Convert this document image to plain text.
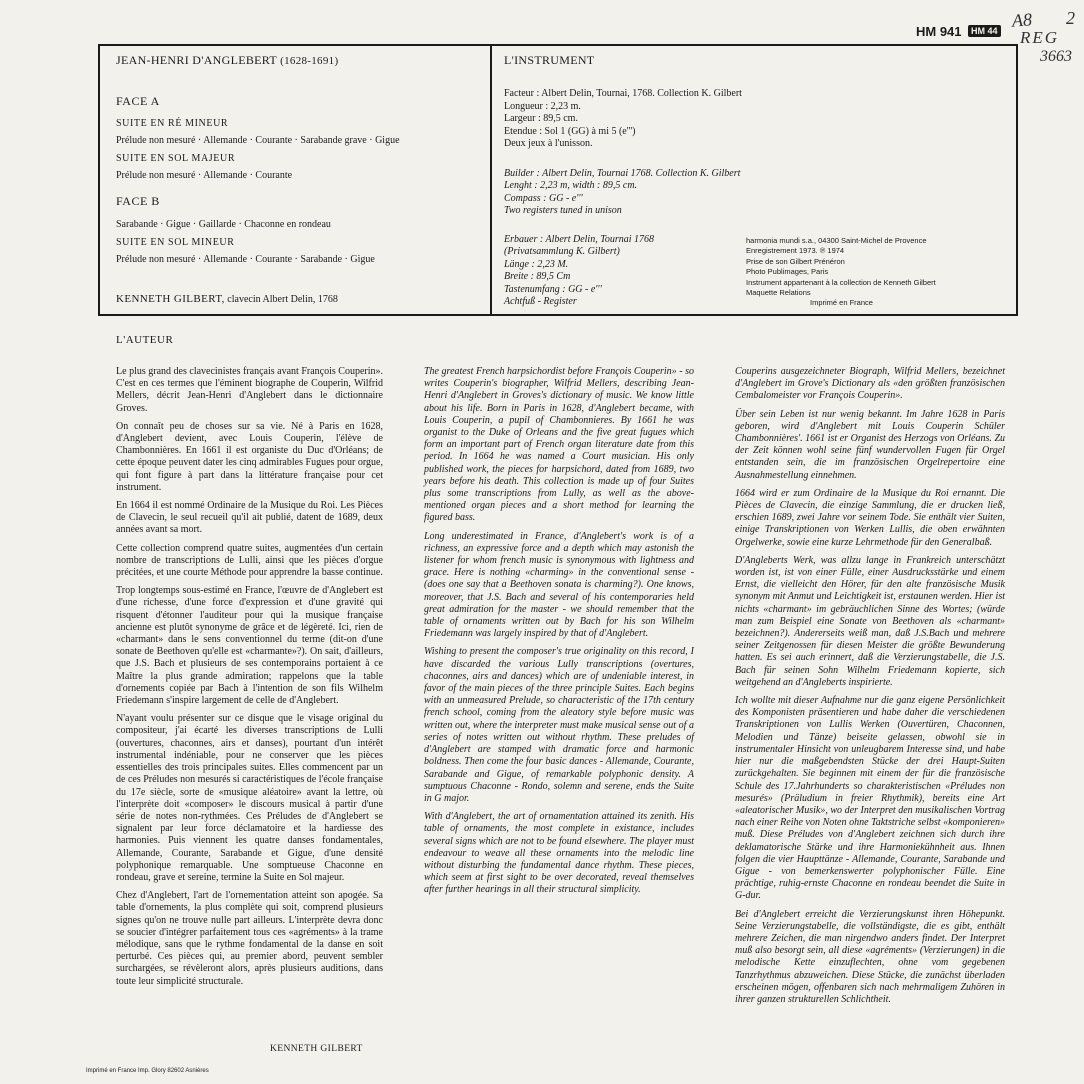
HM 941	HM 44
A8 2
REG
3663
JEAN-HENRI D'ANGLEBERT (1628-1691)
FACE A
SUITE EN RÉ MINEUR
Prélude non mesuré · Allemande · Courante · Sarabande grave · Gigue
SUITE EN SOL MAJEUR
Prélude non mesuré · Allemande · Courante
FACE B
Sarabande · Gigue · Gaillarde · Chaconne en rondeau
SUITE EN SOL MINEUR
Prélude non mesuré · Allemande · Courante · Sarabande · Gigue
KENNETH GILBERT, clavecin Albert Delin, 1768
L'INSTRUMENT
Facteur : Albert Delin, Tournai, 1768. Collection K. Gilbert
Longueur : 2,23 m.
Largeur : 89,5 cm.
Etendue : Sol 1 (GG) à mi 5 (e''')
Deux jeux à l'unisson.
Builder : Albert Delin, Tournai 1768. Collection K. Gilbert
Lenght : 2,23 m, width : 89,5 cm.
Compass : GG - e'''
Two registers tuned in unison
Erbauer : Albert Delin, Tournai 1768
(Privatsammlung K. Gilbert)
Länge : 2,23 M.
Breite : 89,5 Cm
Tastenumfang : GG - e'''
Achtfuß - Register
harmonia mundi s.a., 04300 Saint-Michel de Provence
Enregistrement 1973. ℗ 1974
Prise de son Gilbert Prénéron
Photo Publimages, Paris
Instrument appartenant à la collection de Kenneth Gilbert
Maquette Relations
Imprimé en France
L'AUTEUR

Le plus grand des clavecinistes français avant François Couperin». C'est en ces termes que l'éminent biographe de Couperin, Wilfrid Mellers, décrit Jean-Henri d'Anglebert dans le dictionnaire Groves.

On connaît peu de choses sur sa vie. Né à Paris en 1628, d'Anglebert devient, avec Louis Couperin, l'élève de Chambonnières. En 1661 il est organiste du Duc d'Orléans; de cette époque peuvent dater les cinq admirables Fugues pour orgue, qui font figure à part dans la littérature française pour cet instrument.

En 1664 il est nommé Ordinaire de la Musique du Roi. Les Pièces de Clavecin, le seul recueil qu'il ait publié, datent de 1689, deux années avant sa mort.

Cette collection comprend quatre suites, augmentées d'un certain nombre de transcriptions de Lulli, ainsi que les pièces d'orgue précitées, et une courte Méthode pour apprendre la basse continue.

Trop longtemps sous-estimé en France, l'œuvre de d'Anglebert est d'une richesse, d'une force d'expression et d'une gravité qui risquent d'étonner l'auditeur pour qui la musique française ancienne est plutôt synonyme de grâce et de légèreté. Ici, rien de «charmant» dans le sens conventionnel du terme (dit-on d'une sonate de Beethoven qu'elle est «charmante»?). On sait, d'ailleurs, que J.S. Bach et plusieurs de ses contemporains portaient à ce Maître la plus grande admiration; rappelons que la table d'ornements copiée par Bach à l'intention de son fils Wilhelm Friedemann s'inspire largement de celle de d'Anglebert.

N'ayant voulu présenter sur ce disque que le visage original du compositeur, j'ai écarté les diverses transcriptions de Lulli (ouvertures, chaconnes, airs et danses), pourtant d'un intérêt instrumental indéniable, pour ne conserver que les pièces essentielles des trois principales suites. Elles commencent par un de ces Préludes non mesurés si caractéristiques de l'école française du 17e siècle, sorte de «musique aléatoire» avant la lettre, où l'interprète doit «composer» le discours musical à partir d'une série de notes non-rythmées. Ces Préludes de d'Anglebert se signalent par leur force déclamatoire et la hardiesse des harmonies. Puis viennent les quatre danses fondamentales, Allemande, Courante, Sarabande et Gigue, d'une densité polyphonique remarquable. Une somptueuse Chaconne en rondeau, grave et sereine, termine la Suite en Sol majeur.

Chez d'Anglebert, l'art de l'ornementation atteint son apogée. Sa table d'ornements, la plus complète qui soit, comprend plusieurs signes qu'on ne trouve nulle part ailleurs. L'interprète devra donc se soucier d'intégrer parfaitement tous ces «agréments» à la trame mélodique, sans que le rythme fondamental de la danse en soit perturbé. Ces pièces qui, au premier abord, peuvent sembler surchargées, se révèleront alors, après plusieurs auditions, dans toute leur simplicité structurale.

The greatest French harpsichordist before François Couperin» - so writes Couperin's biographer, Wilfrid Mellers, describing Jean-Henri d'Anglebert in Groves's dictionary of music. We know little about his life. Born in Paris in 1628, d'Anglebert became, with Louis Couperin, a pupil of Chambonnieres. By 1661 he was organist to the Duke of Orleans and the five great fugues which form an important part of French organ literature date from this period. In 1664 he was named a Court musician. His only published work, the pieces for harpsichord, dated from 1689, two years before his death. This collection is made up of four Suites plus some transcriptions from Lully, as well as the above-mentioned organ pieces and a short method for learning the figured bass.

Long underestimated in France, d'Anglebert's work is of a richness, an expressive force and a depth which may astonish the listener for whom french music is synonymous with lightness and grace. Here is nothing «charming» in the conventional sense - (does one say that a Beethoven sonata is charming?). One knows, moreover, that J.S. Bach and several of his contemporaries held great admiration for the master - we should remember that the table of ornaments written out by Bach for his son Wilhelm Friedemann was largely inspired by that of d'Anglebert.

Wishing to present the composer's true originality on this record, I have discarded the various Lully transcriptions (overtures, chaconnes, airs and dances) which are of undeniable interest, in favor of the main pieces of the three principle Suites. Each begins with an unmeasured Prelude, so characteristic of the 17th century french school, coming from the aleatory style before music was written out, where the interpreter must make musical sense out of a series of notes written out without rhythm. These preludes of d'Anglebert are stamped with dramatic force and harmonic boldness. Then come the four basic dances - Allemande, Courante, Sarabande and Gigue, of remarkable polyphonic density. A sumptuous Chaconne - Rondo, solemn and serene, ends the Suite in G major.

With d'Anglebert, the art of ornamentation attained its zenith. His table of ornaments, the most complete in existance, includes several signs which are not to be found elsewhere. The player must endeavour to weave all these ornaments into the melodic line without disturbing the fundamental dance rhythm. These pieces, which seem at first sight to be over decorated, reveal themselves after further hearings in all their structural simplicity.

Couperins ausgezeichneter Biograph, Wilfrid Mellers, bezeichnet d'Anglebert im Grove's Dictionary als «den größten französischen Cembalomeister vor François Couperin».

Über sein Leben ist nur wenig bekannt. Im Jahre 1628 in Paris geboren, wird d'Anglebert mit Louis Couperin Schüler Chambonnières'. 1661 ist er Organist des Herzogs von Orléans. Zu der Zeit können wohl seine fünf wundervollen Fugen für Orgel entstanden sein, die im französischen Orgelrepertoire eine Ausnahmestellung einnehmen.

1664 wird er zum Ordinaire de la Musique du Roi ernannt. Die Pièces de Clavecin, die einzige Sammlung, die er drucken ließ, erschien 1689, zwei Jahre vor seinem Tode. Sie enthält vier Suiten, einige Transkriptionen von Werken Lullis, die oben erwähnten Orgelwerke, sowie eine kurze Lehrmethode für den Generalbaß.

D'Angleberts Werk, was allzu lange in Frankreich unterschätzt worden ist, ist von einer Fülle, einer Ausdrucksstärke und einem Ernst, die vielleicht den Hörer, für den alte französische Musik synonym mit Anmut und Leichtigkeit ist, erstaunen werden. Hier ist nichts «charmant» im gebräuchlichen Sinne des Wortes; (würde man zum Beispiel eine Sonate von Beethoven als «charmant» bezeichnen?). Andererseits weiß man, daß J.S.Bach und mehrere seiner Zeitgenossen für diesen Meister die größte Bewunderung hatten. Es sei auch erinnert, daß die Verzierungstabelle, die J.S. Bach für seinen Sohn Wilhelm Friedemann kopierte, sich weitgehend an d'Angleberts inspirierte.

Ich wollte mit dieser Aufnahme nur die ganz eigene Persönlichkeit des Komponisten präsentieren und habe daher die verschiedenen Transkriptionen von Lullis Werken (Ouvertüren, Chaconnen, Melodien und Tänze) beiseite gelassen, obwohl sie in instrumentaler Hinsicht von unleugbarem Interesse sind, und habe hier nur die maßgebendsten Stücke der drei Haupt-Suiten zurückgehalten. Sie beginnen mit einem der für die französische Schule des 17.Jahrhunderts so charakteristischen «Préludes non mesurés» (Präludium in freier Rhythmik), bereits eine Art «aleatorischer Musik», wo der Interpret den musikalischen Vortrag nach einer Reihe von Noten ohne Taktstriche selbst «komponieren» muß. Diese Préludes von d'Anglebert zeichnen sich durch ihre deklamatorische Stärke und ihre Harmoniekühnheit aus. Ihnen folgen die vier Haupttänze - Allemande, Courante, Sarabande und Gigue - von bemerkenswerter polyphonischer Fülle. Eine prächtige, ruhig-ernste Chaconne en rondeau beendet die Suite in G-dur.

Bei d'Anglebert erreicht die Verzierungskunst ihren Höhepunkt. Seine Verzierungstabelle, die vollständigste, die es gibt, enthält mehrere Zeichen, die man nirgendwo anders findet. Der Interpret muß also besorgt sein, all diese «agréments» (Verzierungen) in die melodische Kette einzuflechten, ohne vom gegebenen Tanzrhythmus abzuweichen. Diese Stücke, die zunächst überladen erscheinen mögen, offenbaren sich nach mehrmaligem Zuhören in ihrer ganzen strukturellen Schlichtheit.

KENNETH GILBERT
Imprimé en France Imp. Glory 82602 Asnières
